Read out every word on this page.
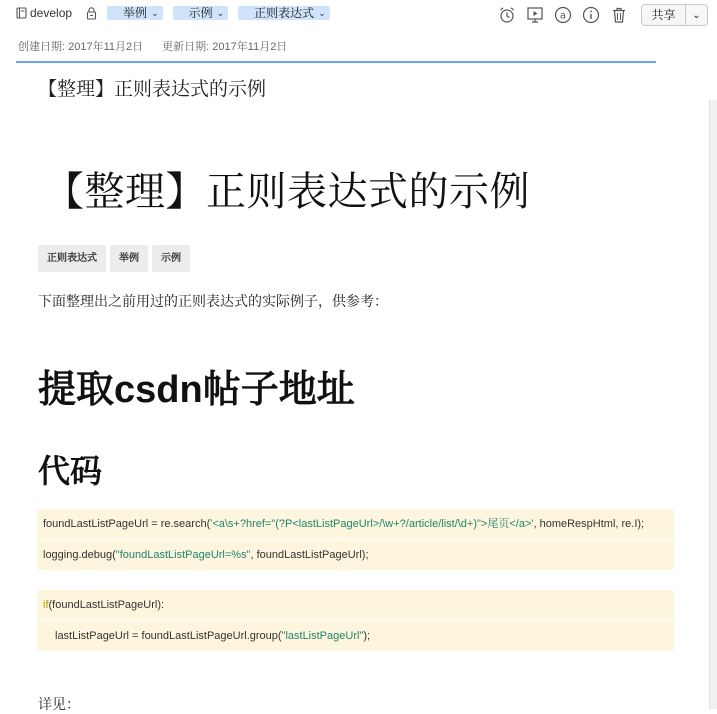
develop	举例 ⌄	示例 ⌄	正则表达式 ⌄	a	共享	⌄
创建日期: 2017年11月2日 更新日期: 2017年11月2日
【整理】正则表达式的示例
【整理】正则表达式的示例
正则表达式	举例	示例
下面整理出之前用过的正则表达式的实际例子，供参考：
提取csdn帖子地址
代码
foundLastListPageUrl = re.search('<a\s+?href="(?P<lastListPageUrl>/\w+?/article/list/\d+)">尾页</a>', homeRespHtml, re.I);
logging.debug("foundLastListPageUrl=%s", foundLastListPageUrl);
if(foundLastListPageUrl):
lastListPageUrl = foundLastListPageUrl.group("lastListPageUrl");
详见：
